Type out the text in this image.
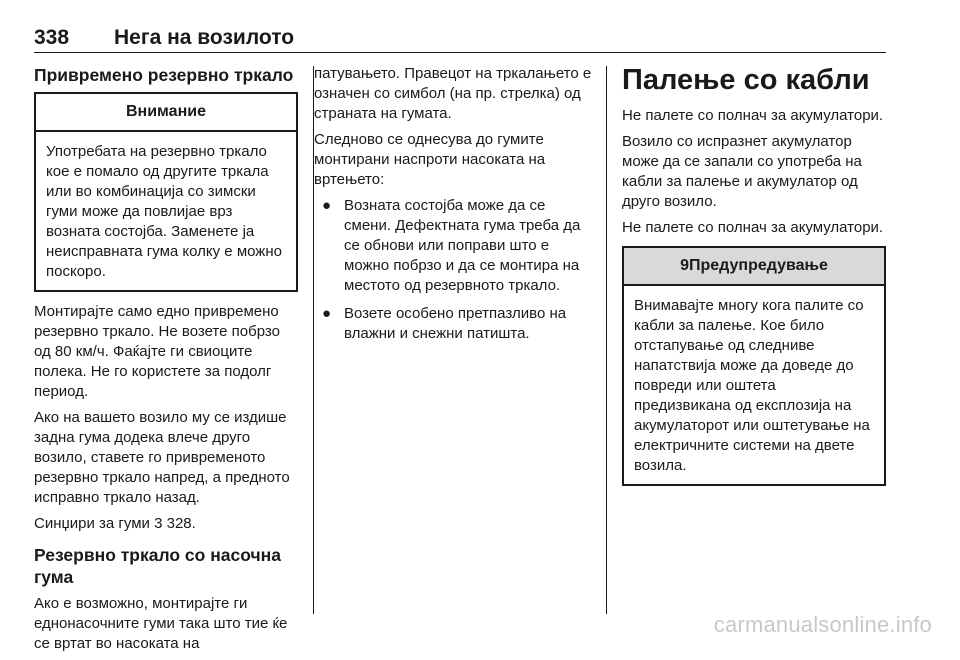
338 Нега на возилото
Привремено резервно тркало
Внимание
Употребата на резервно тркало кое е помало од другите тркала или во комбинација со зимски гуми може да повлијае врз возната состојба. Заменете ја неисправната гума колку е можно поскоро.

Монтирајте само едно привремено резервно тркало. Не возете побрзо од 80 км/ч. Фаќајте ги свиоците полека. Не го користете за подолг период.

Ако на вашето возило му се издише задна гума додека влече друго возило, ставете го привременото резервно тркало напред, а предното исправно тркало назад.

Синџири за гуми 3 328.

Резервно тркало со насочна гума

Ако е возможно, монтирајте ги еднонасочните гуми така што тие ќе се вртат во насоката на

патувањето. Правецот на тркалањето е означен со симбол (на пр. стрелка) од страната на гумата.

Следново се однесува до гумите монтирани наспроти насоката на вртењето:

● Возната состојба може да се смени. Дефектната гума треба да се обнови или поправи што е можно побрзо и да се монтира на местото од резервното тркало.
● Возете особено претпазливо на влажни и снежни патишта.
Палење со кабли

Не палете со полнач за акумулатори.

Возило со испразнет акумулатор може да се запали со употреба на кабли за палење и акумулатор од друго возило.

Не палете со полнач за акумулатори.

9Предупредување
Внимавајте многу кога палите со кабли за палење. Кое било отстапување од следниве напатствија може да доведе до повреди или оштета предизвикана од експлозија на акумулаторот или оштетување на електричните системи на двете возила.
carmanualsonline.info
